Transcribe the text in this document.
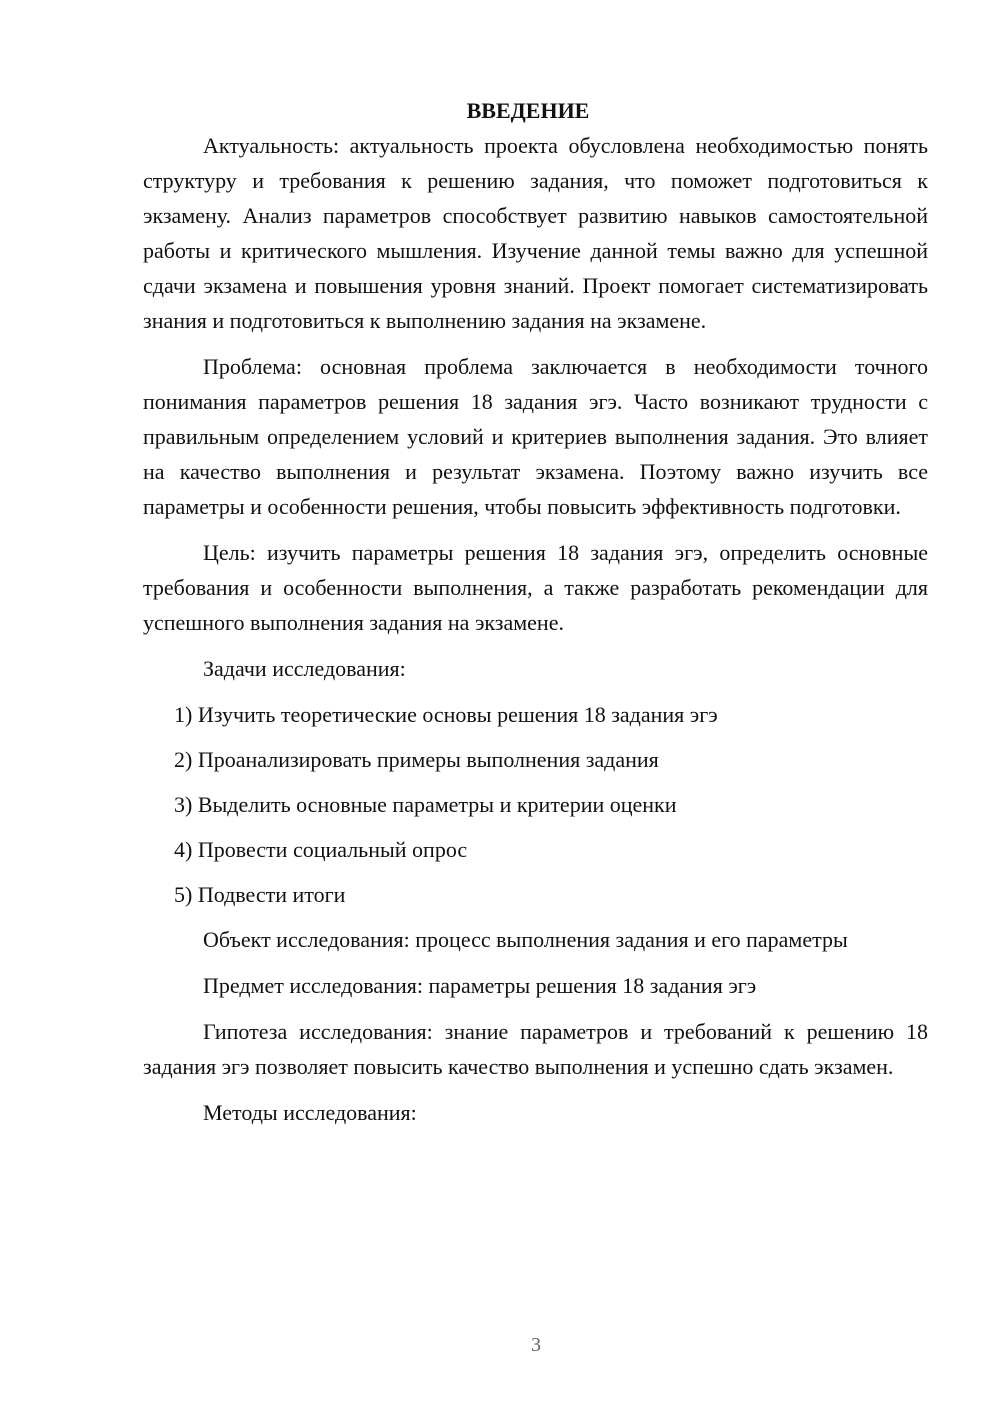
ВВЕДЕНИЕ

Актуальность: актуальность проекта обусловлена необходимостью понять структуру и требования к решению задания, что поможет подготовиться к экзамену. Анализ параметров способствует развитию навыков самостоятельной работы и критического мышления. Изучение данной темы важно для успешной сдачи экзамена и повышения уровня знаний. Проект помогает систематизировать знания и подготовиться к выполнению задания на экзамене.

Проблема: основная проблема заключается в необходимости точного понимания параметров решения 18 задания эгэ. Часто возникают трудности с правильным определением условий и критериев выполнения задания. Это влияет на качество выполнения и результат экзамена. Поэтому важно изучить все параметры и особенности решения, чтобы повысить эффективность подготовки.

Цель: изучить параметры решения 18 задания эгэ, определить основные требования и особенности выполнения, а также разработать рекомендации для успешного выполнения задания на экзамене.

Задачи исследования:

1) Изучить теоретические основы решения 18 задания эгэ
2) Проанализировать примеры выполнения задания
3) Выделить основные параметры и критерии оценки
4) Провести социальный опрос
5) Подвести итоги

Объект исследования: процесс выполнения задания и его параметры

Предмет исследования: параметры решения 18 задания эгэ

Гипотеза исследования: знание параметров и требований к решению 18 задания эгэ позволяет повысить качество выполнения и успешно сдать экзамен.

Методы исследования:

3
